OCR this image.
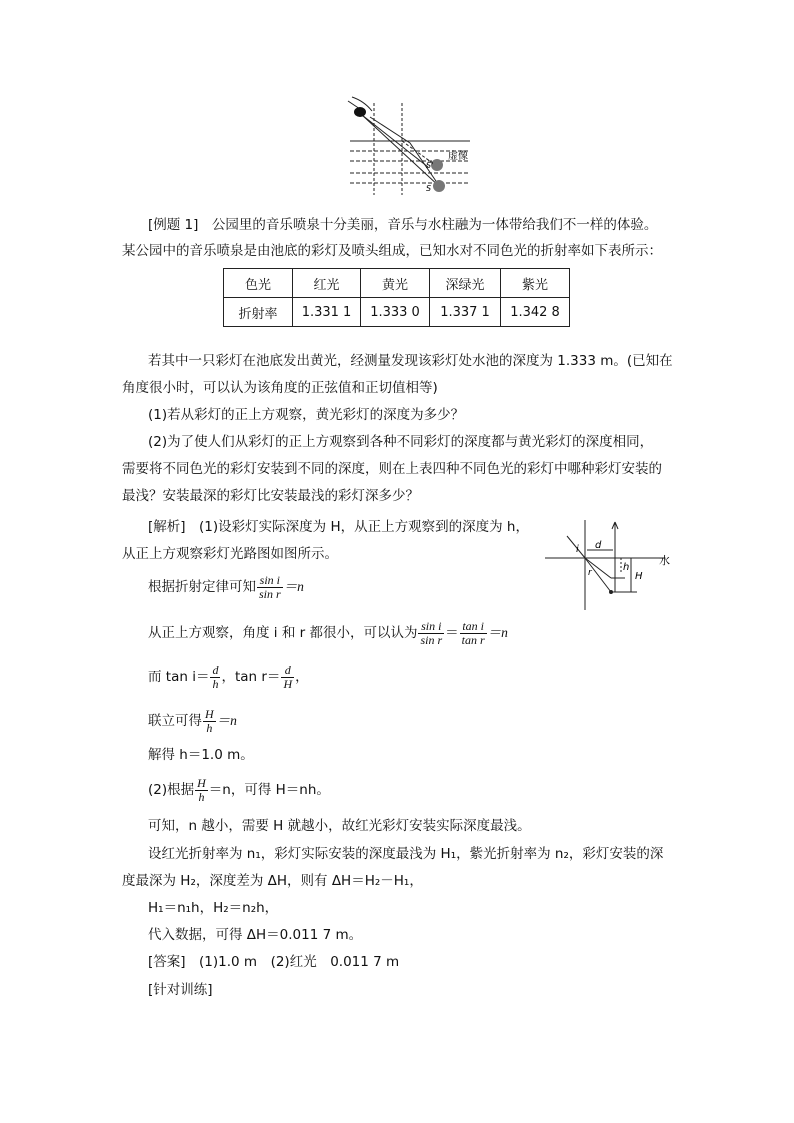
虚像
S'
S
[例题 1]　公园里的音乐喷泉十分美丽，音乐与水柱融为一体带给我们不一样的体验。
某公园中的音乐喷泉是由池底的彩灯及喷头组成，已知水对不同色光的折射率如下表所示：
色光	红光	黄光	深绿光	紫光
折射率	1.331 1	1.333 0	1.337 1	1.342 8
若其中一只彩灯在池底发出黄光，经测量发现该彩灯处水池的深度为 1.333 m。(已知在
角度很小时，可以认为该角度的正弦值和正切值相等)
(1)若从彩灯的正上方观察，黄光彩灯的深度为多少？
(2)为了使人们从彩灯的正上方观察到各种不同彩灯的深度都与黄光彩灯的深度相同，
需要将不同色光的彩灯安装到不同的深度，则在上表四种不同色光的彩灯中哪种彩灯安装的
最浅？安装最深的彩灯比安装最浅的彩灯深多少？
[解析]　(1)设彩灯实际深度为 H，从正上方观察到的深度为 h，
从正上方观察彩灯光路图如图所示。	i d
r	h
H
水
根据折射定律可知 $\frac{\text{sin i}}{\text{sin r}} =n$
从正上方观察，角度 i 和 r 都很小，可以认为 $\frac{\text{sin i}}{\text{sin r}} = \frac{\text{tan i}}{\text{tan r}} =n$
而 $\tan i= \frac{d}{h}$ ，$\tan r= \frac{d}{H}$ ，
联立可得 $\frac{H}{h} =n$
解得 h＝1.0 m。
(2)根据 $\frac{H}{h} =n$，可得 H＝nh。
可知，n 越小，需要 H 就越小，故红光彩灯安装实际深度最浅。
设红光折射率为 n₁，彩灯实际安装的深度最浅为 H₁，紫光折射率为 n₂，彩灯安装的深
度最深为 H₂，深度差为 ΔH，则有 ΔH＝H₂－H₁，
H₁＝n₁h，H₂＝n₂h，
代入数据，可得 ΔH＝0.011 7 m。
[答案]　(1)1.0 m　(2)红光　0.011 7 m
[针对训练]
